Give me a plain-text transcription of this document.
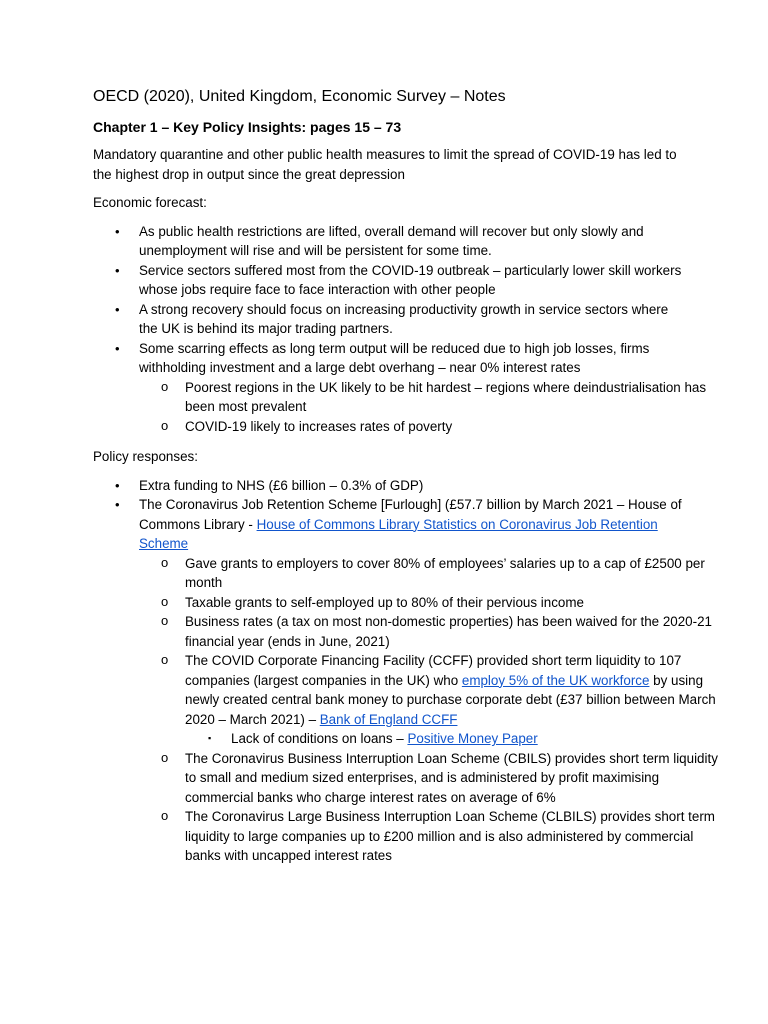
OECD (2020), United Kingdom, Economic Survey – Notes
Chapter 1 – Key Policy Insights: pages 15 – 73

Mandatory quarantine and other public health measures to limit the spread of COVID-19 has led to the highest drop in output since the great depression

Economic forecast:

• As public health restrictions are lifted, overall demand will recover but only slowly and unemployment will rise and will be persistent for some time.
• Service sectors suffered most from the COVID-19 outbreak – particularly lower skill workers whose jobs require face to face interaction with other people
• A strong recovery should focus on increasing productivity growth in service sectors where the UK is behind its major trading partners.
• Some scarring effects as long term output will be reduced due to high job losses, firms withholding investment and a large debt overhang – near 0% interest rates
o Poorest regions in the UK likely to be hit hardest – regions where deindustrialisation has been most prevalent
o COVID-19 likely to increases rates of poverty

Policy responses:

• Extra funding to NHS (£6 billion – 0.3% of GDP)
• The Coronavirus Job Retention Scheme [Furlough] (£57.7 billion by March 2021 – House of Commons Library - House of Commons Library Statistics on Coronavirus Job Retention Scheme
o Gave grants to employers to cover 80% of employees’ salaries up to a cap of £2500 per month
o Taxable grants to self-employed up to 80% of their pervious income
o Business rates (a tax on most non-domestic properties) has been waived for the 2020-21 financial year (ends in June, 2021)
o The COVID Corporate Financing Facility (CCFF) provided short term liquidity to 107 companies (largest companies in the UK) who employ 5% of the UK workforce by using newly created central bank money to purchase corporate debt (£37 billion between March 2020 – March 2021) – Bank of England CCFF
▪ Lack of conditions on loans – Positive Money Paper
o The Coronavirus Business Interruption Loan Scheme (CBILS) provides short term liquidity to small and medium sized enterprises, and is administered by profit maximising commercial banks who charge interest rates on average of 6%
o The Coronavirus Large Business Interruption Loan Scheme (CLBILS) provides short term liquidity to large companies up to £200 million and is also administered by commercial banks with uncapped interest rates
